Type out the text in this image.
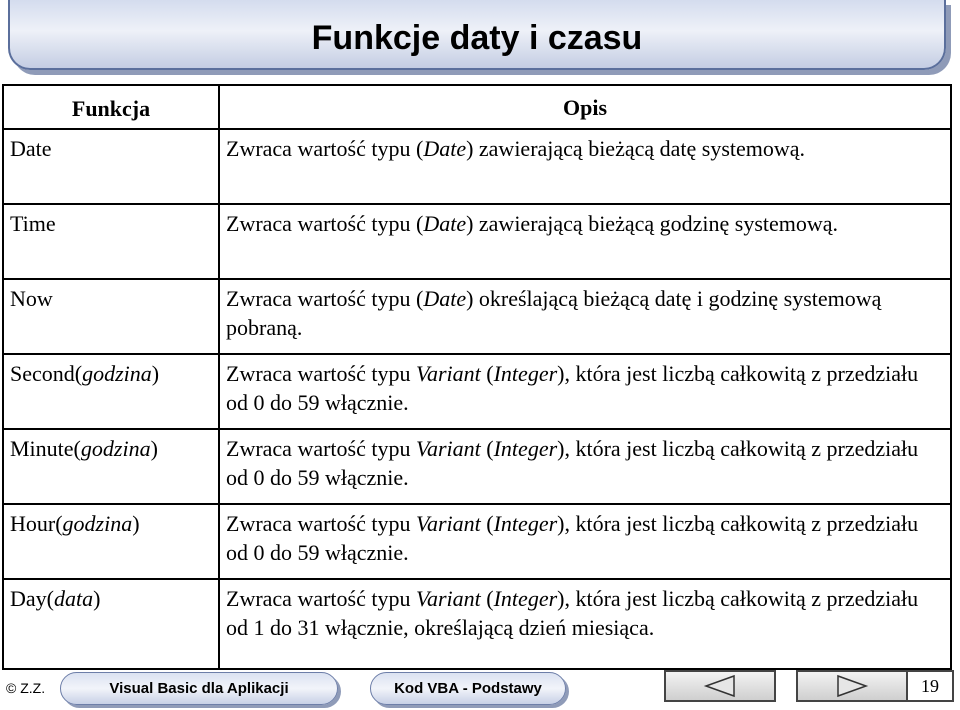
Funkcje daty i czasu
Funkcja	Opis
Date	Zwraca wartość typu (Date) zawierającą bieżącą datę systemową.
Time	Zwraca wartość typu (Date) zawierającą bieżącą godzinę systemową.
Now	Zwraca wartość typu (Date) określającą bieżącą datę i godzinę systemową pobraną.
Second(godzina)	Zwraca wartość typu Variant (Integer), która jest liczbą całkowitą z przedziału od 0 do 59 włącznie.
Minute(godzina)	Zwraca wartość typu Variant (Integer), która jest liczbą całkowitą z przedziału od 0 do 59 włącznie.
Hour(godzina)	Zwraca wartość typu Variant (Integer), która jest liczbą całkowitą z przedziału od 0 do 59 włącznie.
Day(data)	Zwraca wartość typu Variant (Integer), która jest liczbą całkowitą z przedziału od 1 do 31 włącznie, określającą dzień miesiąca.
© Z.Z.	Visual Basic dla Aplikacji	Kod VBA - Podstawy	19
